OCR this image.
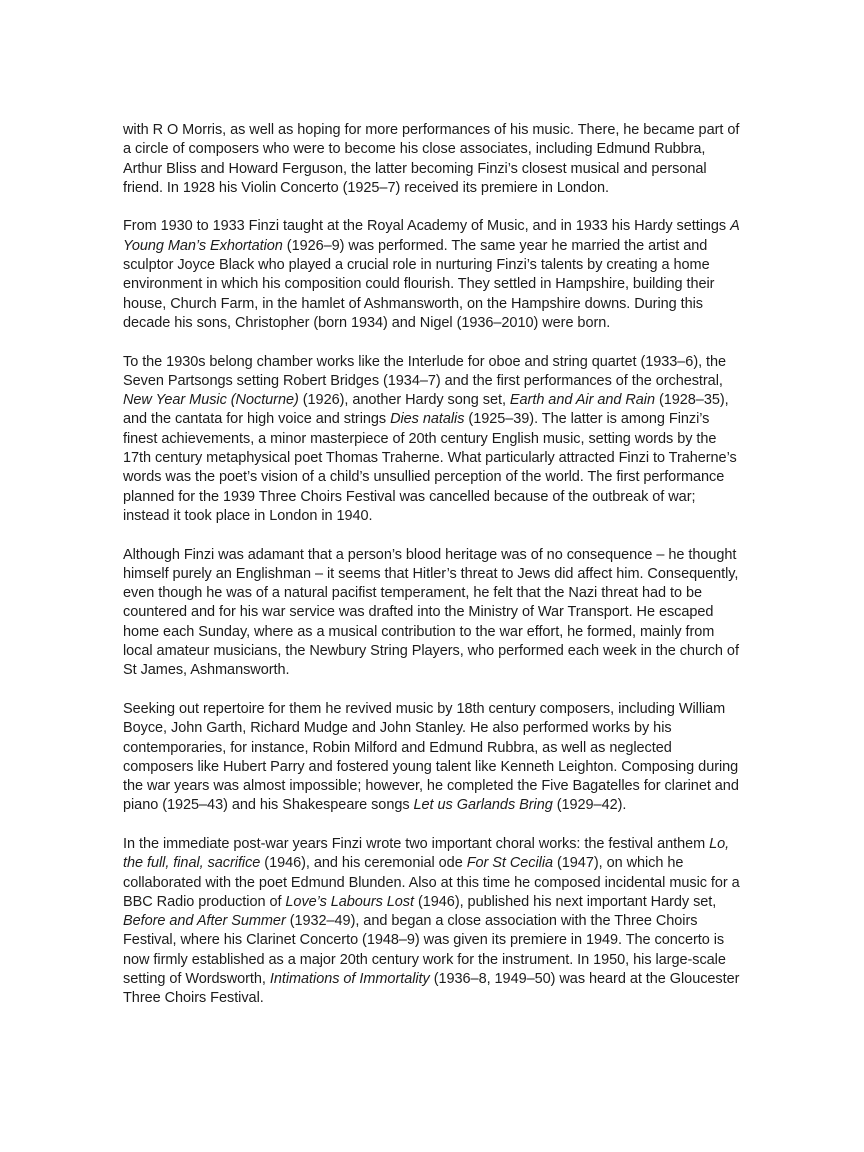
with R O Morris, as well as hoping for more performances of his music. There, he became part of a circle of composers who were to become his close associates, including Edmund Rubbra, Arthur Bliss and Howard Ferguson, the latter becoming Finzi’s closest musical and personal friend. In 1928 his Violin Concerto (1925–7) received its premiere in London.

From 1930 to 1933 Finzi taught at the Royal Academy of Music, and in 1933 his Hardy settings A Young Man’s Exhortation (1926–9) was performed. The same year he married the artist and sculptor Joyce Black who played a crucial role in nurturing Finzi’s talents by creating a home environment in which his composition could flourish. They settled in Hampshire, building their house, Church Farm, in the hamlet of Ashmansworth, on the Hampshire downs. During this decade his sons, Christopher (born 1934) and Nigel (1936–2010) were born.

To the 1930s belong chamber works like the Interlude for oboe and string quartet (1933–6), the Seven Partsongs setting Robert Bridges (1934–7) and the first performances of the orchestral, New Year Music (Nocturne) (1926), another Hardy song set, Earth and Air and Rain (1928–35), and the cantata for high voice and strings Dies natalis (1925–39). The latter is among Finzi’s finest achievements, a minor masterpiece of 20th century English music, setting words by the 17th century metaphysical poet Thomas Traherne. What particularly attracted Finzi to Traherne’s words was the poet’s vision of a child’s unsullied perception of the world. The first performance planned for the 1939 Three Choirs Festival was cancelled because of the outbreak of war; instead it took place in London in 1940.

Although Finzi was adamant that a person’s blood heritage was of no consequence – he thought himself purely an Englishman – it seems that Hitler’s threat to Jews did affect him. Consequently, even though he was of a natural pacifist temperament, he felt that the Nazi threat had to be countered and for his war service was drafted into the Ministry of War Transport. He escaped home each Sunday, where as a musical contribution to the war effort, he formed, mainly from local amateur musicians, the Newbury String Players, who performed each week in the church of St James, Ashmansworth.

Seeking out repertoire for them he revived music by 18th century composers, including William Boyce, John Garth, Richard Mudge and John Stanley. He also performed works by his contemporaries, for instance, Robin Milford and Edmund Rubbra, as well as neglected composers like Hubert Parry and fostered young talent like Kenneth Leighton. Composing during the war years was almost impossible; however, he completed the Five Bagatelles for clarinet and piano (1925–43) and his Shakespeare songs Let us Garlands Bring (1929–42).

In the immediate post-war years Finzi wrote two important choral works: the festival anthem Lo, the full, final, sacrifice (1946), and his ceremonial ode For St Cecilia (1947), on which he collaborated with the poet Edmund Blunden. Also at this time he composed incidental music for a BBC Radio production of Love’s Labours Lost (1946), published his next important Hardy set, Before and After Summer (1932–49), and began a close association with the Three Choirs Festival, where his Clarinet Concerto (1948–9) was given its premiere in 1949. The concerto is now firmly established as a major 20th century work for the instrument. In 1950, his large-scale setting of Wordsworth, Intimations of Immortality (1936–8, 1949–50) was heard at the Gloucester Three Choirs Festival.
